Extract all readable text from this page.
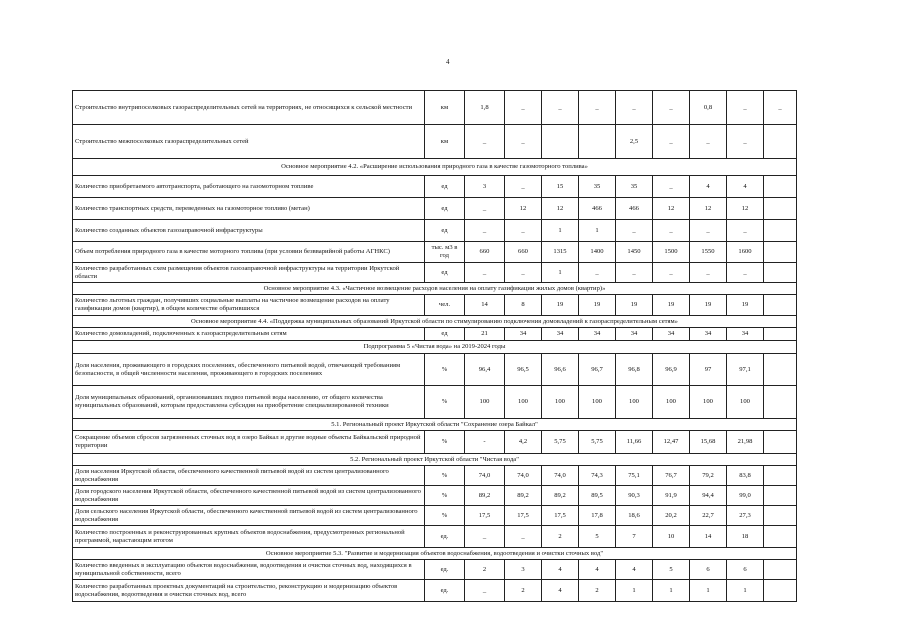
4
Строительство внутрипоселковых газораспределительных сетей на территориях, не относящихся к сельской местности	км	1,8	_	_	_	_	_	0,8	_	_
Строительство межпоселковых газораспределительных сетей	км	_	_			2,5	_	_	_	
Основное мероприятие 4.2. «Расширение использования природного газа в качестве газомоторного топлива»										
Количество приобретаемого автотранспорта, работающего на газомоторном топливе	ед	3	_	15	35	35	_	4	4	
Количество транспортных средств, переведенных на газомоторное топливо (метан)	ед	_	12	12	466	466	12	12	12	
Количество созданных объектов газозаправочной инфраструктуры	ед	_	_	1	1	_	_	_	_	
Объем потребления природного газа в качестве моторного топлива (при условии безвварийной работы АГНКС)	тыс. м3 в год	660	660	1315	1400	1450	1500	1550	1600	
Количество разработанных схем размещения объектов газозаправочной инфраструктуры на территории Иркутской области	ед	_	_	1	_	_	_	_	_	
Основное мероприятие 4.3. «Частичное возмещение расходов населения на оплату газификации жилых домов (квартир)»										
Количество льготных граждан, получивших социальные выплаты на частичное возмещение расходов на оплату газификации домов (квартир), в общем количестве обратившихся	чел.	14	8	19	19	19	19	19	19	
Основное мероприятие 4.4. «Поддержка муниципальных образований Иркутской области по стимулированию подключения домовладений к газораспределительным сетям»										
Количество домовладений, подключенных к газораспределительным сетям	ед	21	34	34	34	34	34	34	34	
Подпрограмма 5 «Чистая вода» на 2019-2024 годы										
Доля населения, проживающего в городских поселениях, обеспеченного питьевой водой, отвечающей требованиям безопасности, в общей численности населения, проживающего в городских поселениях	%	96,4	96,5	96,6	96,7	96,8	96,9	97	97,1	
Доля муниципальных образований, организовавших подвоз питьевой воды населению, от общего количества муниципальных образований, которым предоставлена субсидия на приобретение специализированной техники	%	100	100	100	100	100	100	100	100	
5.1. Региональный проект Иркутской области "Сохранение озера Байкал"										
Сокращение объемов сбросов загрязненных сточных вод в озеро Байкал и другие водные объекты Байкальской природной территории	%	-	4,2	5,75	5,75	11,66	12,47	15,68	21,98	
5.2. Региональный проект Иркутской области "Чистая вода"										
Доля населения Иркутской области, обеспеченного качественной питьевой водой из систем централизованного водоснабжения	%	74,0	74,0	74,0	74,3	75,1	76,7	79,2	83,8	
Доля городского населения Иркутской области, обеспеченного качественной питьевой водой из систем централизованного водоснабжения	%	89,2	89,2	89,2	89,5	90,3	91,9	94,4	99,0	
Доля сельского населения Иркутской области, обеспеченного качественной питьевой водой из систем централизованного водоснабжения	%	17,5	17,5	17,5	17,8	18,6	20,2	22,7	27,3	
Количество построенных и реконструированных крупных объектов водоснабжения, предусмотренных региональной программой, нарастающим итогом	ед.	_	_	2	5	7	10	14	18	
Основное мероприятие 5.3. "Развитие и модернизация объектов водоснабжения, водоотведения и очистки сточных вод"										
Количество введенных в эксплуатацию объектов водоснабжения, водоотведения и очистки сточных вод, находящихся в муниципальной собственности, всего	ед.	2	3	4	4	4	5	6	6	
Количество разработанных проектных документаций на строительство, реконструкцию и модернизацию объектов водоснабжения, водоотведения и очистки сточных вод, всего	ед.	_	2	4	2	1	1	1	1	
